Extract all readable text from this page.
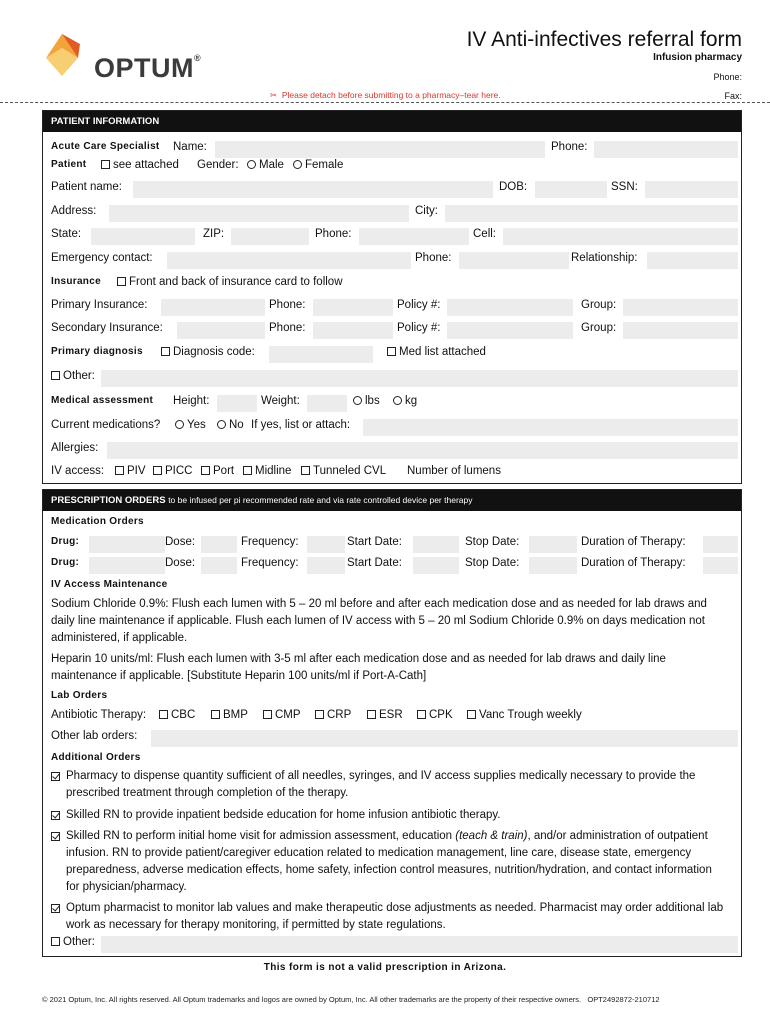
OPTUM®
IV Anti-infectives referral form
Infusion pharmacy
Phone:
Fax:
✂  Please detach before submitting to a pharmacy–tear here.
PATIENT INFORMATION
Acute Care Specialist Name:	Phone:
Patient	see attached Gender:	Male	Female
Patient name:	DOB:	SSN:
Address:	City:
State:	ZIP:	Phone:	Cell:
Emergency contact:	Phone:	Relationship:
Insurance	Front and back of insurance card to follow
Primary Insurance:	Phone:	Policy #:	Group:
Secondary Insurance:	Phone:	Policy #:	Group:
Primary diagnosis	Diagnosis code:	Med list attached
Other:
Medical assessment Height:	Weight:	lbs	kg
Current medications?	Yes	No If yes, list or attach:
Allergies:
IV access:	PIV	PICC	Port	Midline	Tunneled CVL Number of lumens
PRESCRIPTION ORDERS to be infused per pi recommended rate and via rate controlled device per therapy
Medication Orders
Drug:	Dose:	Frequency:	Start Date:	Stop Date:	Duration of Therapy:
Drug:	Dose:	Frequency:	Start Date:	Stop Date:	Duration of Therapy:
IV Access Maintenance
Sodium Chloride 0.9%: Flush each lumen with 5 – 20 ml before and after each medication dose and as needed for lab draws and daily line maintenance if applicable. Flush each lumen of IV access with 5 – 20 ml Sodium Chloride 0.9% on days medication not administered, if applicable.
Heparin 10 units/ml: Flush each lumen with 3-5 ml after each medication dose and as needed for lab draws and daily line maintenance if applicable. [Substitute Heparin 100 units/ml if Port-A-Cath]
Lab Orders
Antibiotic Therapy:	CBC	BMP	CMP	CRP	ESR	CPK	Vanc Trough weekly
Other lab orders:
Additional Orders
Pharmacy to dispense quantity sufficient of all needles, syringes, and IV access supplies medically necessary to provide the prescribed treatment through completion of the therapy.
Skilled RN to provide inpatient bedside education for home infusion antibiotic therapy.
Skilled RN to perform initial home visit for admission assessment, education (teach & train), and/or administration of outpatient infusion. RN to provide patient/caregiver education related to medication management, line care, disease state, emergency preparedness, adverse medication effects, home safety, infection control measures, nutrition/hydration, and contact information for physician/pharmacy.
Optum pharmacist to monitor lab values and make therapeutic dose adjustments as needed. Pharmacist may order additional lab work as necessary for therapy monitoring, if permitted by state regulations.
Other:
This form is not a valid prescription in Arizona.
© 2021 Optum, Inc. All rights reserved. All Optum trademarks and logos are owned by Optum, Inc. All other trademarks are the property of their respective owners. OPT2492872-210712
